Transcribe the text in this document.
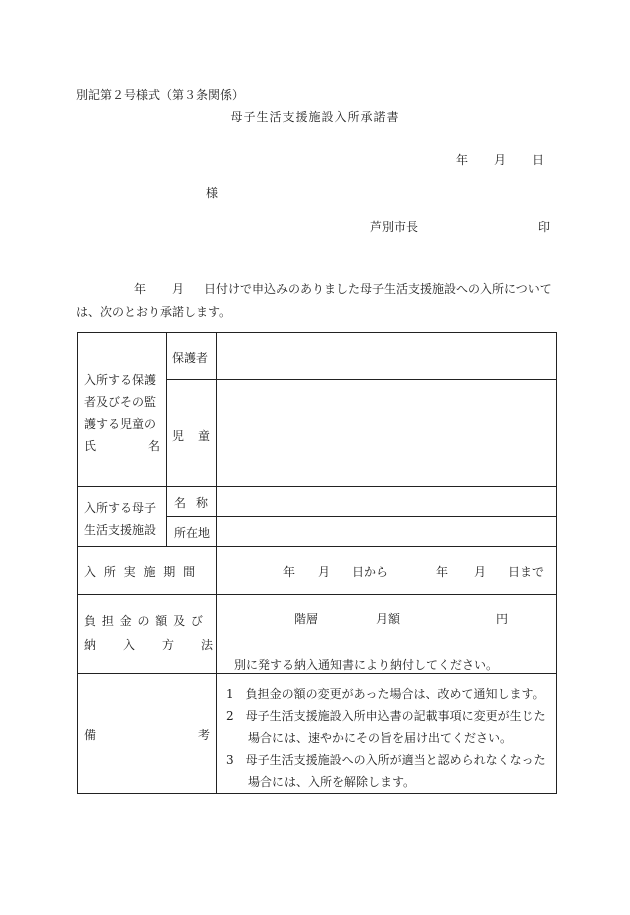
別記第２号様式（第３条関係）
母子生活支援施設入所承諾書
年 月 日
様
芦別市長	印
年 月 日付けで申込みのありました母子生活支援施設への入所について
は、次のとおり承諾します。
入所する保護
者及びその監
護する児童の
氏	名
保護者
児 童
入所する母子
生活支援施設
名 称
所在地
入 所 実 施 期 間	年 月 日から	年 月 日まで
負 担 金 の 額 及 び
納　　入　　方　　法
階層	月額	円
別に発する納入通知書により納付してください。
備	考
1　負担金の額の変更があった場合は、改めて通知します。
2　母子生活支援施設入所申込書の記載事項に変更が生じた
場合には、速やかにその旨を届け出てください。
3　母子生活支援施設への入所が適当と認められなくなった
場合には、入所を解除します。
